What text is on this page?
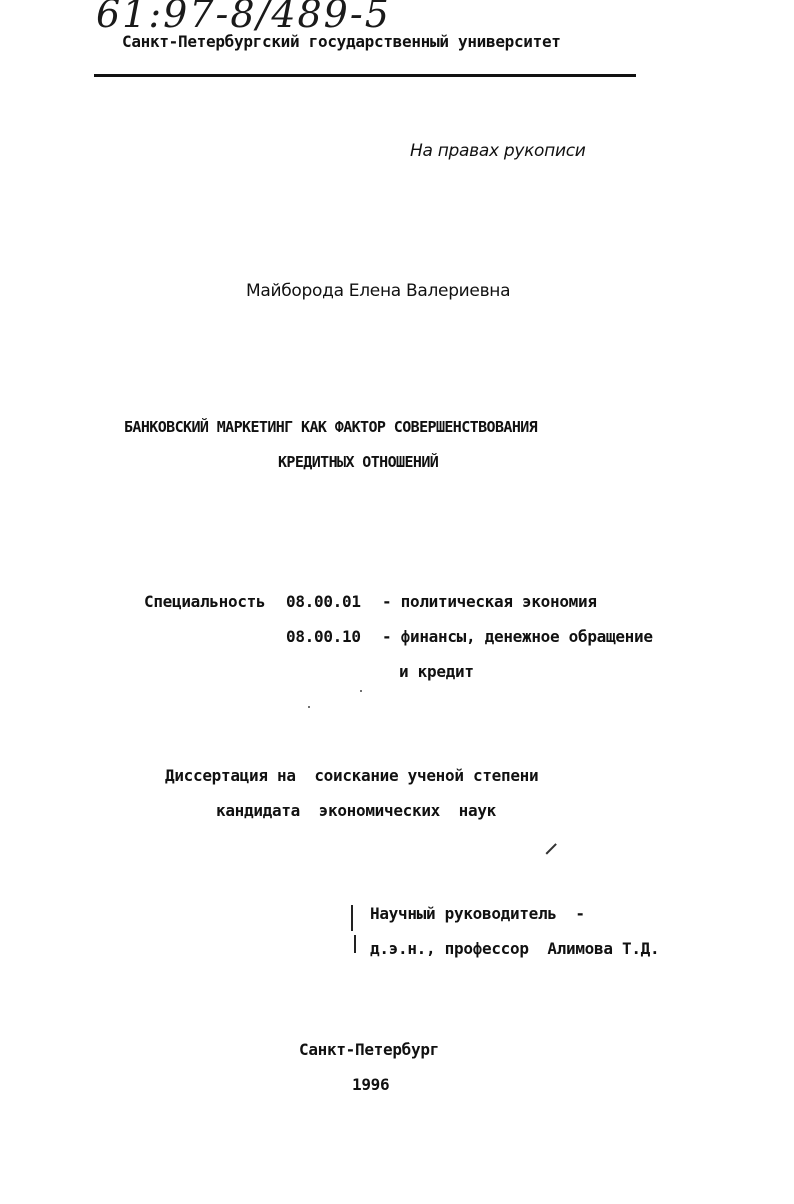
61:97-8/489-5
Санкт-Петербургский государственный университет
На правах рукописи
Майборода Елена Валериевна
БАНКОВСКИЙ МАРКЕТИНГ КАК ФАКТОР СОВЕРШЕНСТВОВАНИЯ
КРЕДИТНЫХ ОТНОШЕНИЙ
Специальность 08.00.01 - политическая экономия
08.00.10 - финансы, денежное обращение
и кредит
Диссертация на  соискание ученой степени
кандидата  экономических  наук
Научный руководитель  -
д.э.н., профессор  Алимова Т.Д.
Санкт-Петербург
1996
